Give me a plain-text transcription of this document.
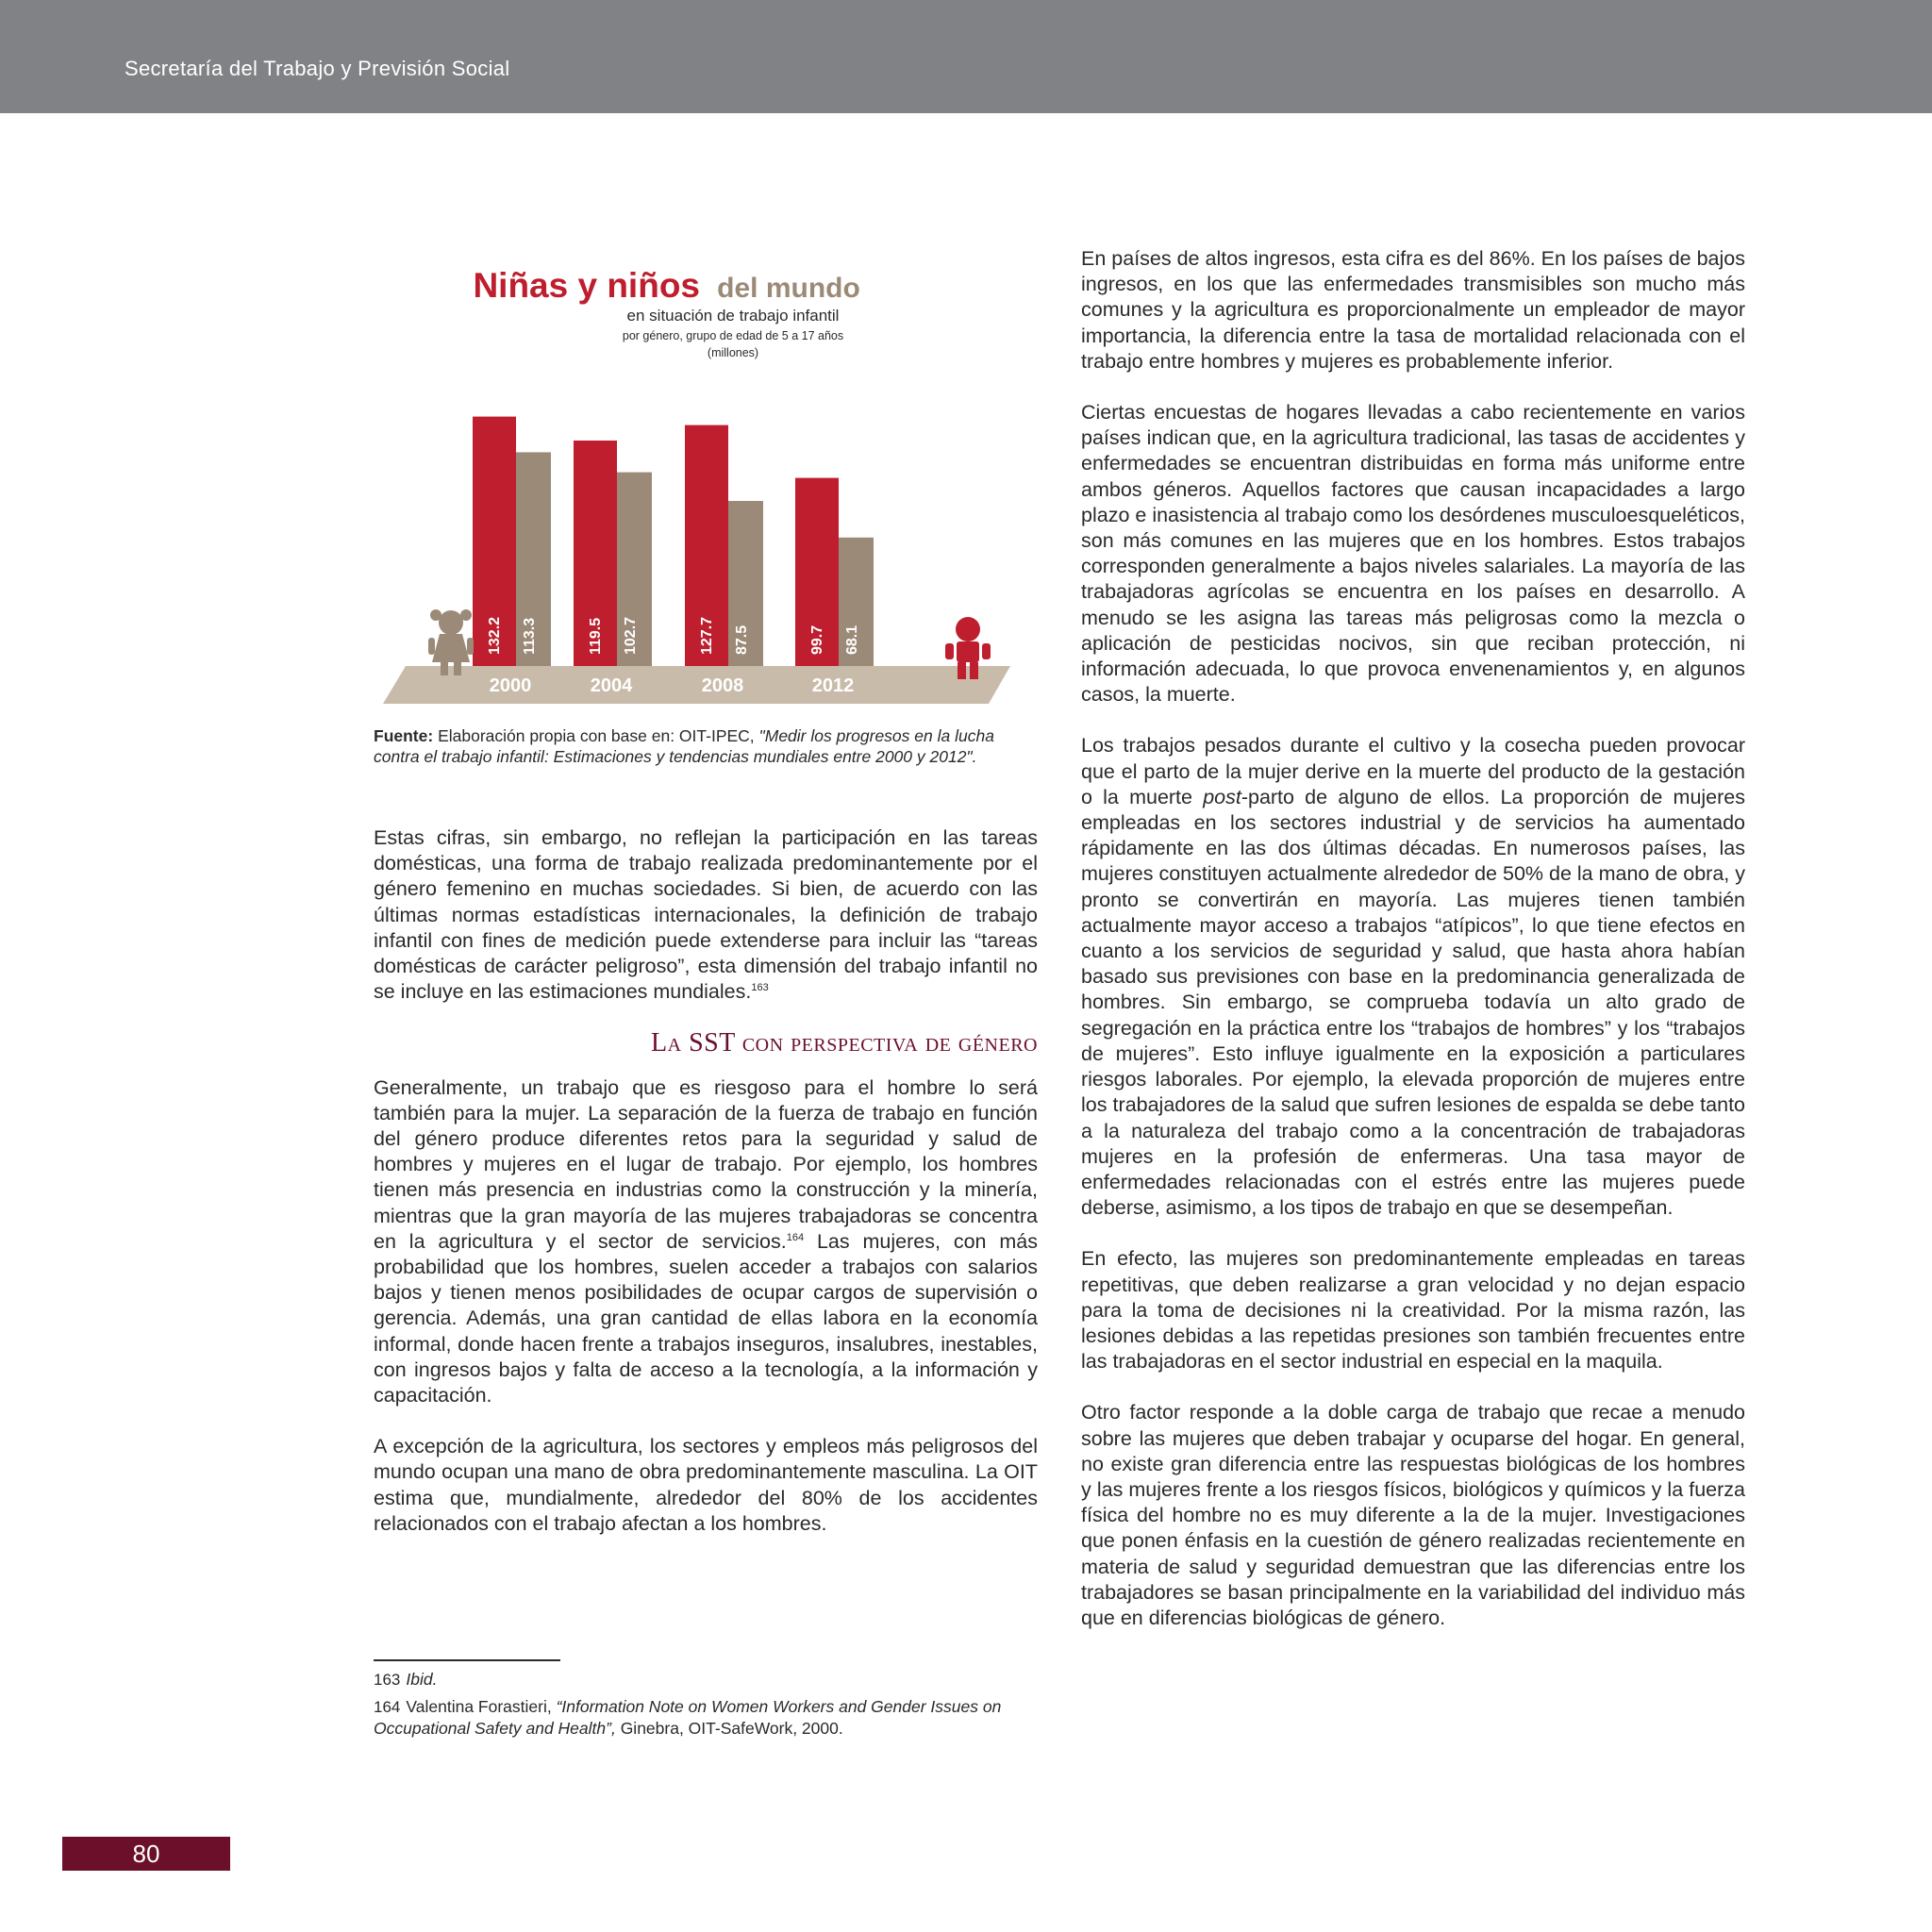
Secretaría del Trabajo y Previsión Social
Niñas y niños del mundo
en situación de trabajo infantil
por género, grupo de edad de 5 a 17 años
(millones)
113.3
132.2
2000
102.7
119.5
2004
87.5
127.7
2008
68.1
99.7
2012
Fuente: Elaboración propia con base en: OIT-IPEC, "Medir los progresos en la lucha contra el trabajo infantil: Estimaciones y tendencias mundiales entre 2000 y 2012".

Estas cifras, sin embargo, no reflejan la participación en las tareas domésticas, una forma de trabajo realizada predominantemente por el género femenino en muchas sociedades. Si bien, de acuerdo con las últimas normas estadísticas internacionales, la definición de trabajo infantil con fines de medición puede extenderse para incluir las “tareas domésticas de carácter peligroso”, esta dimensión del trabajo infantil no se incluye en las estimaciones mundiales.$^{163}$

La SST con perspectiva de género

Generalmente, un trabajo que es riesgoso para el hombre lo será también para la mujer. La separación de la fuerza de trabajo en función del género produce diferentes retos para la seguridad y salud de hombres y mujeres en el lugar de trabajo. Por ejemplo, los hombres tienen más presencia en industrias como la construcción y la minería, mientras que la gran mayoría de las mujeres trabajadoras se concentra en la agricultura y el sector de servicios.$^{164}$ Las mujeres, con más probabilidad que los hombres, suelen acceder a trabajos con salarios bajos y tienen menos posibilidades de ocupar cargos de supervisión o gerencia. Además, una gran cantidad de ellas labora en la economía informal, donde hacen frente a trabajos inseguros, insalubres, inestables, con ingresos bajos y falta de acceso a la tecnología, a la información y capacitación.

A excepción de la agricultura, los sectores y empleos más peligrosos del mundo ocupan una mano de obra predominantemente masculina. La OIT estima que, mundialmente, alrededor del 80% de los accidentes relacionados con el trabajo afectan a los hombres.

163 Ibid.
164 Valentina Forastieri, “Information Note on Women Workers and Gender Issues on Occupational Safety and Health”, Ginebra, OIT-SafeWork, 2000.

En países de altos ingresos, esta cifra es del 86%. En los países de bajos ingresos, en los que las enfermedades transmisibles son mucho más comunes y la agricultura es proporcionalmente un empleador de mayor importancia, la diferencia entre la tasa de mortalidad relacionada con el trabajo entre hombres y mujeres es probablemente inferior.

Ciertas encuestas de hogares llevadas a cabo recientemente en varios países indican que, en la agricultura tradicional, las tasas de accidentes y enfermedades se encuentran distribuidas en forma más uniforme entre ambos géneros. Aquellos factores que causan incapacidades a largo plazo e inasistencia al trabajo como los desórdenes musculoesqueléticos, son más comunes en las mujeres que en los hombres. Estos trabajos corresponden generalmente a bajos niveles salariales. La mayoría de las trabajadoras agrícolas se encuentra en los países en desarrollo. A menudo se les asigna las tareas más peligrosas como la mezcla o aplicación de pesticidas nocivos, sin que reciban protección, ni información adecuada, lo que provoca envenenamientos y, en algunos casos, la muerte.

Los trabajos pesados durante el cultivo y la cosecha pueden provocar que el parto de la mujer derive en la muerte del producto de la gestación o la muerte post-parto de alguno de ellos. La proporción de mujeres empleadas en los sectores industrial y de servicios ha aumentado rápidamente en las dos últimas décadas. En numerosos países, las mujeres constituyen actualmente alrededor de 50% de la mano de obra, y pronto se convertirán en mayoría. Las mujeres tienen también actualmente mayor acceso a trabajos “atípicos”, lo que tiene efectos en cuanto a los servicios de seguridad y salud, que hasta ahora habían basado sus previsiones con base en la predominancia generalizada de hombres. Sin embargo, se comprueba todavía un alto grado de segregación en la práctica entre los “trabajos de hombres” y los “trabajos de mujeres”. Esto influye igualmente en la exposición a particulares riesgos laborales. Por ejemplo, la elevada proporción de mujeres entre los trabajadores de la salud que sufren lesiones de espalda se debe tanto a la naturaleza del trabajo como a la concentración de trabajadoras mujeres en la profesión de enfermeras. Una tasa mayor de enfermedades relacionadas con el estrés entre las mujeres puede deberse, asimismo, a los tipos de trabajo en que se desempeñan.

En efecto, las mujeres son predominantemente empleadas en tareas repetitivas, que deben realizarse a gran velocidad y no dejan espacio para la toma de decisiones ni la creatividad. Por la misma razón, las lesiones debidas a las repetidas presiones son también frecuentes entre las trabajadoras en el sector industrial en especial en la maquila.

Otro factor responde a la doble carga de trabajo que recae a menudo sobre las mujeres que deben trabajar y ocuparse del hogar. En general, no existe gran diferencia entre las respuestas biológicas de los hombres y las mujeres frente a los riesgos físicos, biológicos y químicos y la fuerza física del hombre no es muy diferente a la de la mujer. Investigaciones que ponen énfasis en la cuestión de género realizadas recientemente en materia de salud y seguridad demuestran que las diferencias entre los trabajadores se basan principalmente en la variabilidad del individuo más que en diferencias biológicas de género.

80
